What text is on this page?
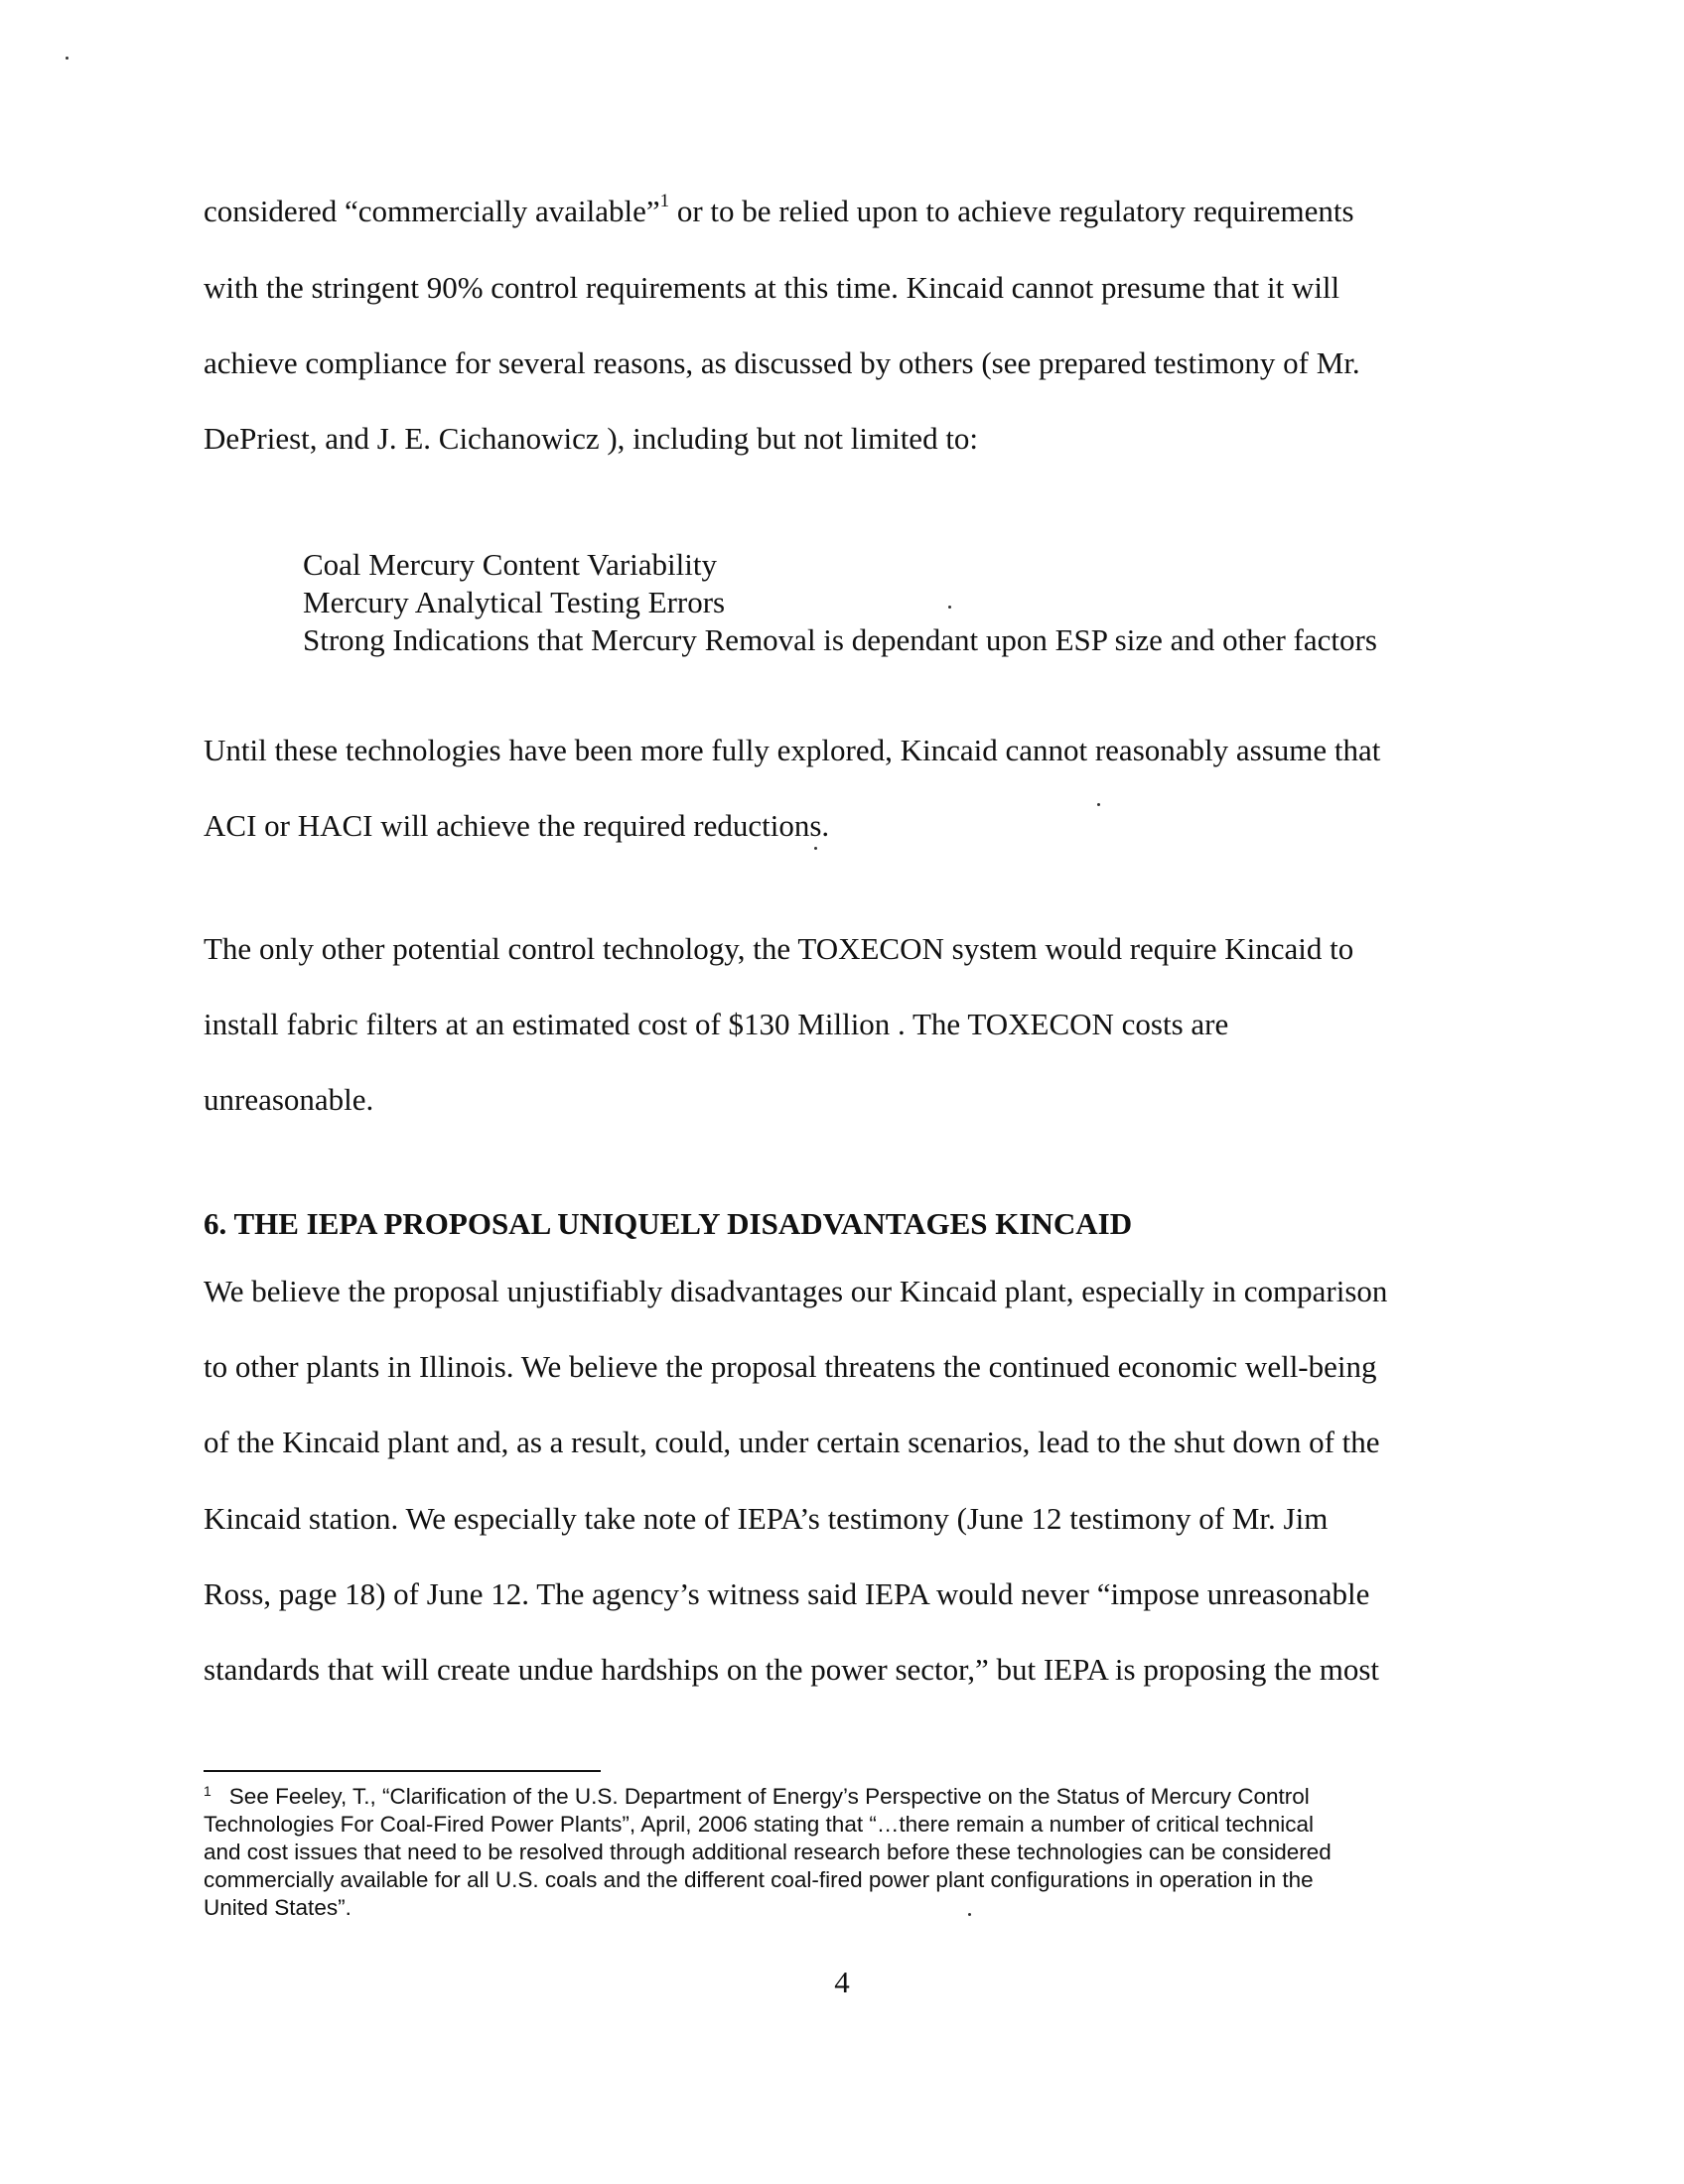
considered “commercially available”$^1$ or to be relied upon to achieve regulatory requirements
with the stringent 90% control requirements at this time. Kincaid cannot presume that it will
achieve compliance for several reasons, as discussed by others (see prepared testimony of Mr.
DePriest, and J. E. Cichanowicz ), including but not limited to:
Coal Mercury Content Variability
Mercury Analytical Testing Errors
Strong Indications that Mercury Removal is dependant upon ESP size and other factors
Until these technologies have been more fully explored, Kincaid cannot reasonably assume that
ACI or HACI will achieve the required reductions.
The only other potential control technology, the TOXECON system would require Kincaid to
install fabric filters at an estimated cost of $130 Million . The TOXECON costs are
unreasonable.
6. THE IEPA PROPOSAL UNIQUELY DISADVANTAGES KINCAID
We believe the proposal unjustifiably disadvantages our Kincaid plant, especially in comparison
to other plants in Illinois. We believe the proposal threatens the continued economic well-being
of the Kincaid plant and, as a result, could, under certain scenarios, lead to the shut down of the
Kincaid station. We especially take note of IEPA’s testimony (June 12 testimony of Mr. Jim
Ross, page 18) of June 12. The agency’s witness said IEPA would never “impose unreasonable
standards that will create undue hardships on the power sector,” but IEPA is proposing the most
$^1$ See Feeley, T., “Clarification of the U.S. Department of Energy’s Perspective on the Status of Mercury Control
Technologies For Coal-Fired Power Plants”, April, 2006 stating that “…there remain a number of critical technical
and cost issues that need to be resolved through additional research before these technologies can be considered
commercially available for all U.S. coals and the different coal-fired power plant configurations in operation in the
United States”.
4
